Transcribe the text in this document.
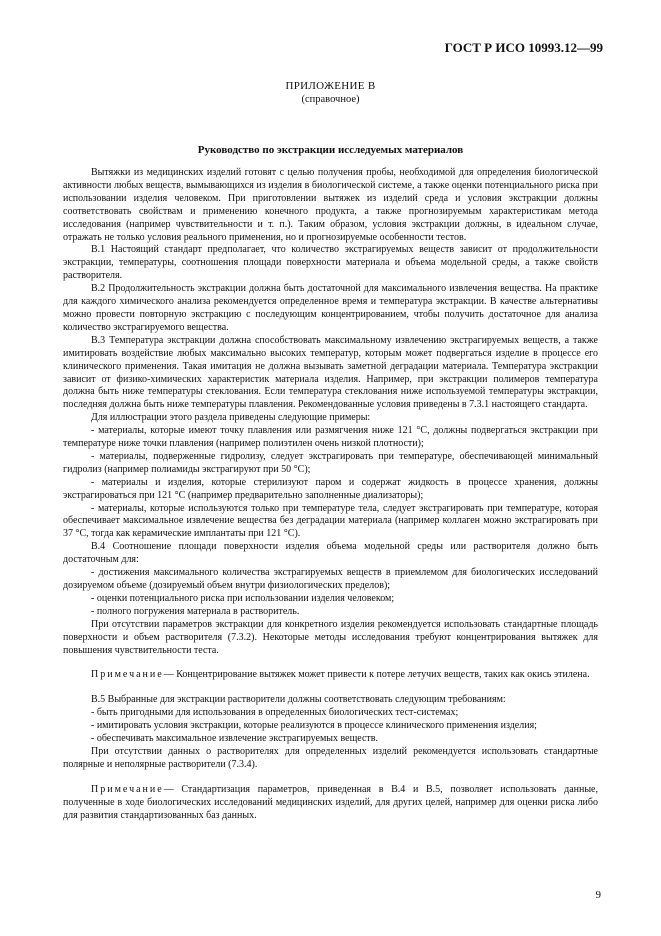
ГОСТ Р ИСО 10993.12—99
ПРИЛОЖЕНИЕ В
(справочное)
Руководство по экстракции исследуемых материалов

Вытяжки из медицинских изделий готовят с целью получения пробы, необходимой для определения биологической активности любых веществ, вымывающихся из изделия в биологической системе, а также оценки потенциального риска при использовании изделия человеком. При приготовлении вытяжек из изделий среда и условия экстракции должны соответствовать свойствам и применению конечного продукта, а также прогнозируемым характеристикам метода исследования (например чувствительности и т. п.). Таким образом, условия экстракции должны, в идеальном случае, отражать не только условия реального применения, но и прогнозируемые особенности тестов.

В.1 Настоящий стандарт предполагает, что количество экстрагируемых веществ зависит от продолжительности экстракции, температуры, соотношения площади поверхности материала и объема модельной среды, а также свойств растворителя.

В.2 Продолжительность экстракции должна быть достаточной для максимального извлечения вещества. На практике для каждого химического анализа рекомендуется определенное время и температура экстракции. В качестве альтернативы можно провести повторную экстракцию с последующим концентрированием, чтобы получить достаточное для анализа количество экстрагируемого вещества.

В.3 Температура экстракции должна способствовать максимальному извлечению экстрагируемых веществ, а также имитировать воздействие любых максимально высоких температур, которым может подвергаться изделие в процессе его клинического применения. Такая имитация не должна вызывать заметной деградации материала. Температура экстракции зависит от физико-химических характеристик материала изделия. Например, при экстракции полимеров температура должна быть ниже температуры стеклования. Если температура стеклования ниже используемой температуры экстракции, последняя должна быть ниже температуры плавления. Рекомендованные условия приведены в 7.3.1 настоящего стандарта.

Для иллюстрации этого раздела приведены следующие примеры:

- материалы, которые имеют точку плавления или размягчения ниже 121 °С, должны подвергаться экстракции при температуре ниже точки плавления (например полиэтилен очень низкой плотности);

- материалы, подверженные гидролизу, следует экстрагировать при температуре, обеспечивающей минимальный гидролиз (например полиамиды экстрагируют при 50 °С);

- материалы и изделия, которые стерилизуют паром и содержат жидкость в процессе хранения, должны экстрагироваться при 121 °С (например предварительно заполненные диализаторы);

- материалы, которые используются только при температуре тела, следует экстрагировать при температуре, которая обеспечивает максимальное извлечение вещества без деградации материала (например коллаген можно экстрагировать при 37 °С, тогда как керамические имплантаты при 121 °С).

В.4 Соотношение площади поверхности изделия объема модельной среды или растворителя должно быть достаточным для:

- достижения максимального количества экстрагируемых веществ в приемлемом для биологических исследований дозируемом объеме (дозируемый объем внутри физиологических пределов);

- оценки потенциального риска при использовании изделия человеком;

- полного погружения материала в растворитель.

При отсутствии параметров экстракции для конкретного изделия рекомендуется использовать стандартные площадь поверхности и объем растворителя (7.3.2). Некоторые методы исследования требуют концентрирования вытяжек для повышения чувствительности теста.

Примечание— Концентрирование вытяжек может привести к потере летучих веществ, таких как окись этилена.

В.5 Выбранные для экстракции растворители должны соответствовать следующим требованиям:

- быть пригодными для использования в определенных биологических тест-системах;

- имитировать условия экстракции, которые реализуются в процессе клинического применения изделия;

- обеспечивать максимальное извлечение экстрагируемых веществ.

При отсутствии данных о растворителях для определенных изделий рекомендуется использовать стандартные полярные и неполярные растворители (7.3.4).

Примечание— Стандартизация параметров, приведенная в В.4 и В.5, позволяет использовать данные, полученные в ходе биологических исследований медицинских изделий, для других целей, например для оценки риска либо для развития стандартизованных баз данных.

9
